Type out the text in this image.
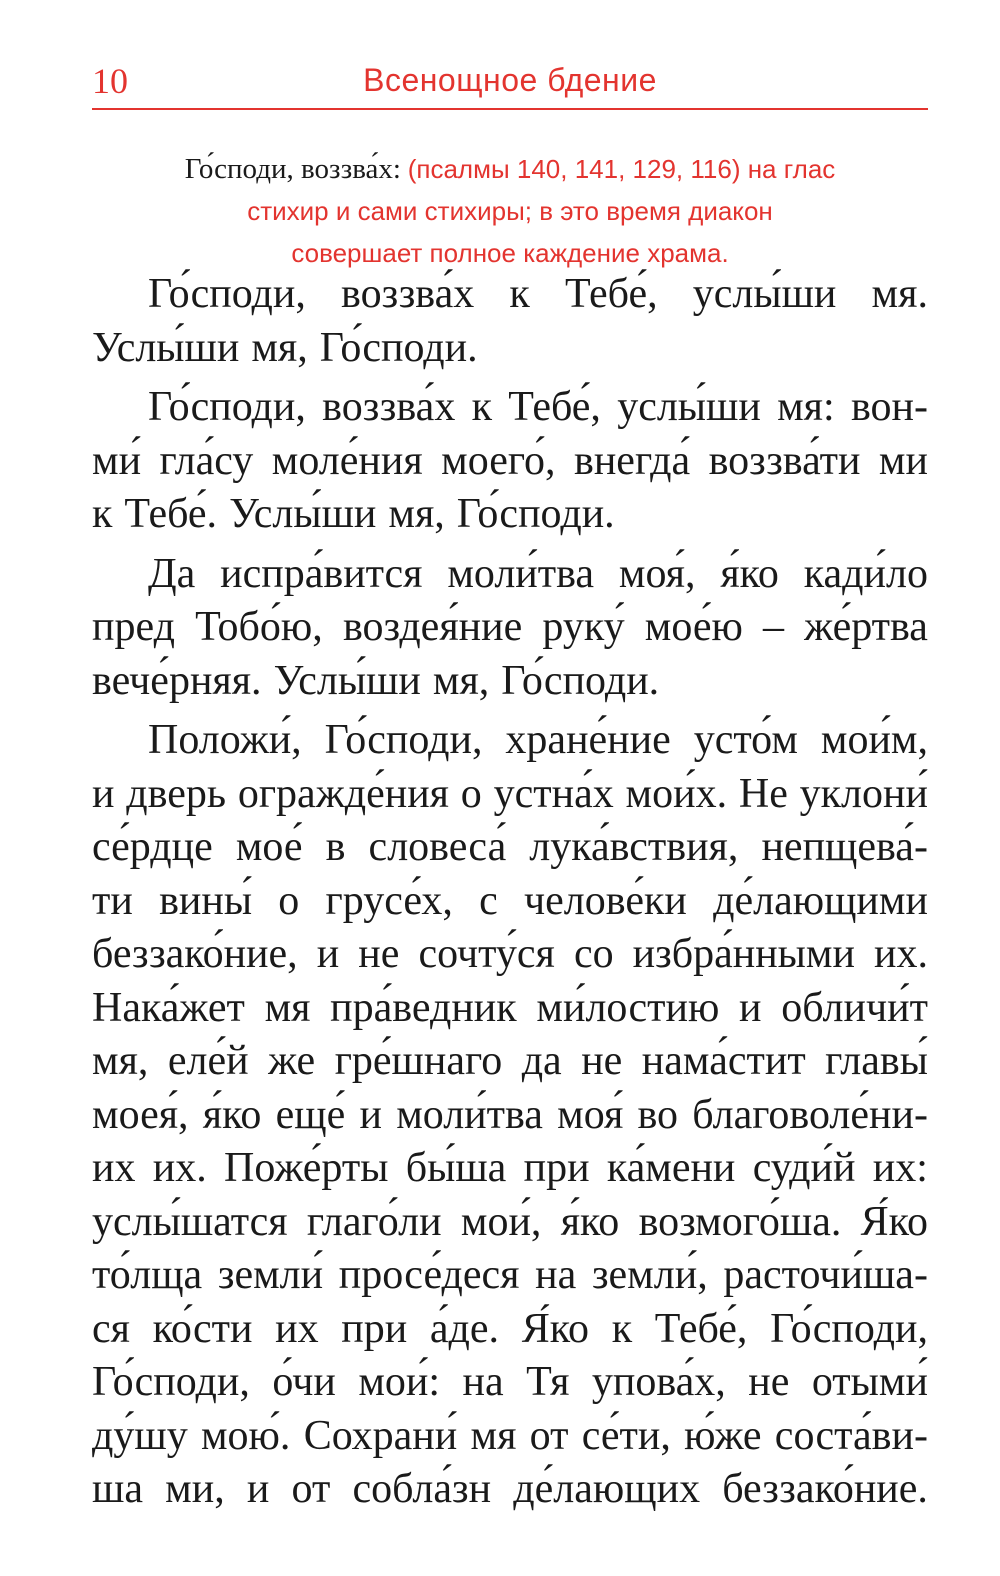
10	Всенощное бдение
Го́споди, воззва́х: (псалмы 140, 141, 129, 116) на глас
стихир и сами стихиры; в это время диакон
совершает полное каждение храма.
Го́споди, воззва́х к Тебе́, услы́ши мя.
Услы́ши мя, Го́споди.
Го́споди, воззва́х к Тебе́, услы́ши мя: вон-
ми́ гла́су моле́ния моего́, внегда́ воззва́ти ми
к Тебе́. Услы́ши мя, Го́споди.
Да испра́вится моли́тва моя́, я́ко кади́ло
пред Тобо́ю, воздея́ние руку́ мое́ю – же́ртва
вече́рняя. Услы́ши мя, Го́споди.
Положи́, Го́споди, хране́ние усто́м мои́м,
и дверь огражде́ния о устна́х мои́х. Не уклони́
се́рдце мое́ в словеса́ лука́вствия, непщева́-
ти вины́ о грусе́х, с челове́ки де́лающими
беззако́ние, и не сочту́ся со избра́нными их.
Нака́жет мя пра́ведник ми́лостию и обличи́т
мя, еле́й же гре́шнаго да не нама́стит главы́
моея́, я́ко еще́ и моли́тва моя́ во благоволе́ни-
их их. Поже́рты бы́ша при ка́мени суди́й их:
услы́шатся глаго́ли мои́, я́ко возмого́ша. Я́ко
то́лща земли́ просе́дeся на земли́, расточи́ша-
ся ко́сти их при а́де. Я́ко к Тебе́, Го́споди,
Го́споди, о́чи мои́: на Тя упова́х, не отыми́
ду́шу мою́. Сохрани́ мя от се́ти, ю́же соста́ви-
ша ми, и от собла́зн де́лающих беззако́ние.
